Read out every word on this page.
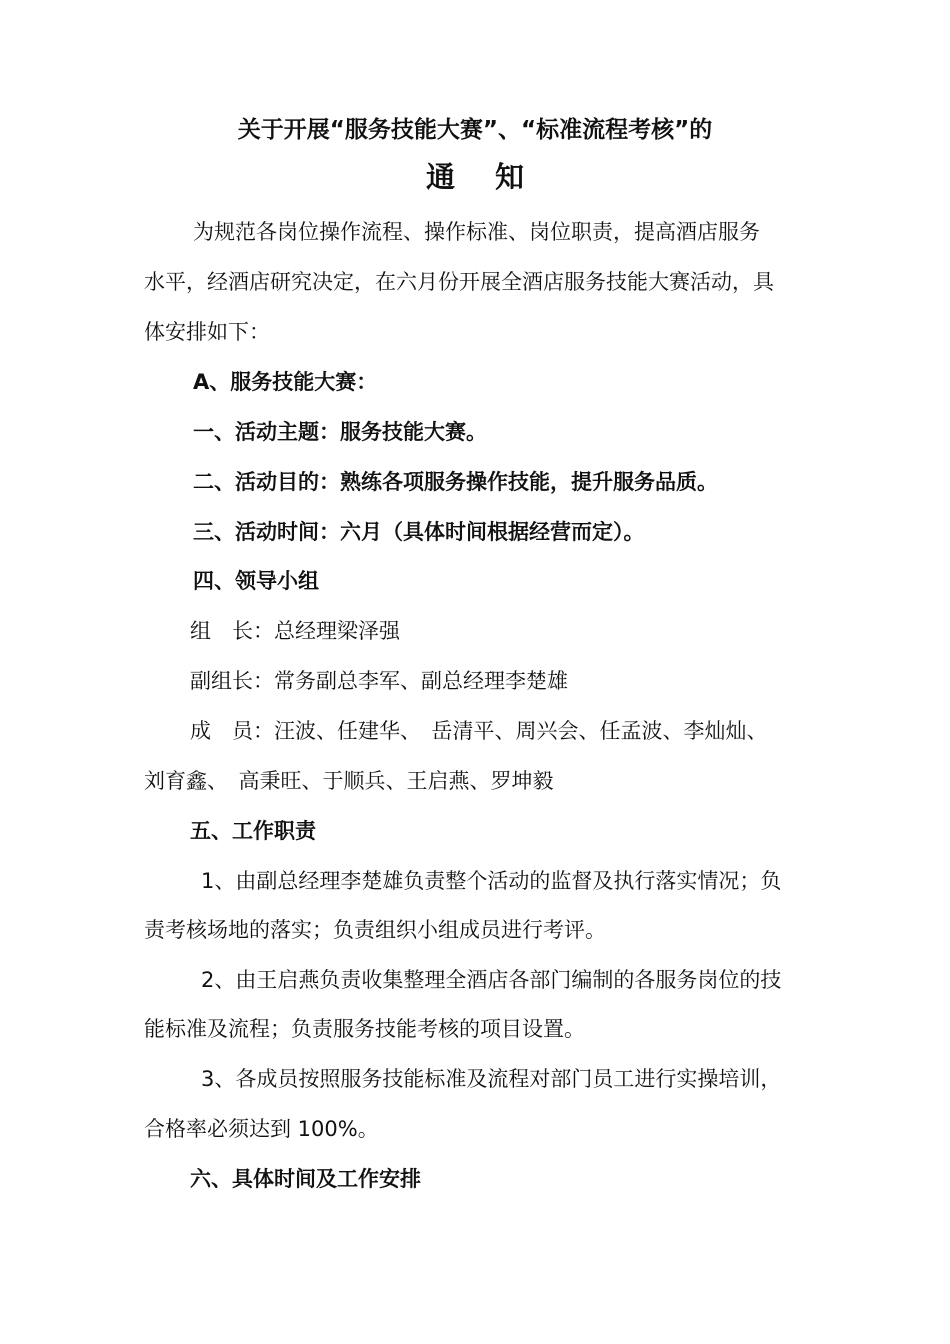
关于开展“服务技能大赛”、“标准流程考核”的
通知
为规范各岗位操作流程、操作标准、岗位职责，提高酒店服务
水平，经酒店研究决定，在六月份开展全酒店服务技能大赛活动，具
体安排如下：
A、服务技能大赛：
一、活动主题：服务技能大赛。
二、活动目的：熟练各项服务操作技能，提升服务品质。
三、活动时间：六月（具体时间根据经营而定）。
四、领导小组
组　长：总经理梁泽强
副组长：常务副总李军、副总经理李楚雄
成　员：汪波、任建华、　岳清平、周兴会、任孟波、李灿灿、
刘育鑫、　高秉旺、于顺兵、王启燕、罗坤毅
五、工作职责
1、由副总经理李楚雄负责整个活动的监督及执行落实情况；负
责考核场地的落实；负责组织小组成员进行考评。
2、由王启燕负责收集整理全酒店各部门编制的各服务岗位的技
能标准及流程；负责服务技能考核的项目设置。
3、各成员按照服务技能标准及流程对部门员工进行实操培训，
合格率必须达到 100%。
六、具体时间及工作安排
